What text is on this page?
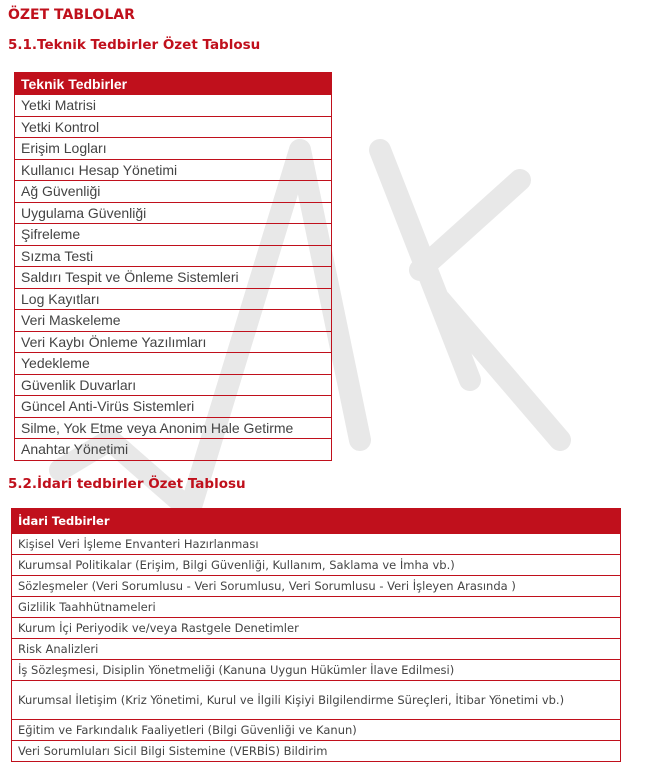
ÖZET TABLOLAR
5.1.Teknik Tedbirler Özet Tablosu
Teknik Tedbirler
Yetki Matrisi
Yetki Kontrol
Erişim Logları
Kullanıcı Hesap Yönetimi
Ağ Güvenliği
Uygulama Güvenliği
Şifreleme
Sızma Testi
Saldırı Tespit ve Önleme Sistemleri
Log Kayıtları
Veri Maskeleme
Veri Kaybı Önleme Yazılımları
Yedekleme
Güvenlik Duvarları
Güncel Anti-Virüs Sistemleri
Silme, Yok Etme veya Anonim Hale Getirme
Anahtar Yönetimi
5.2.İdari tedbirler Özet Tablosu
İdari Tedbirler
Kişisel Veri İşleme Envanteri Hazırlanması
Kurumsal Politikalar (Erişim, Bilgi Güvenliği, Kullanım, Saklama ve İmha vb.)
Sözleşmeler (Veri Sorumlusu - Veri Sorumlusu, Veri Sorumlusu - Veri İşleyen Arasında )
Gizlilik Taahhütnameleri
Kurum İçi Periyodik ve/veya Rastgele Denetimler
Risk Analizleri
İş Sözleşmesi, Disiplin Yönetmeliği (Kanuna Uygun Hükümler İlave Edilmesi)
Kurumsal İletişim (Kriz Yönetimi, Kurul ve İlgili Kişiyi Bilgilendirme Süreçleri, İtibar Yönetimi vb.)
Eğitim ve Farkındalık Faaliyetleri (Bilgi Güvenliği ve Kanun)
Veri Sorumluları Sicil Bilgi Sistemine (VERBİS) Bildirim
